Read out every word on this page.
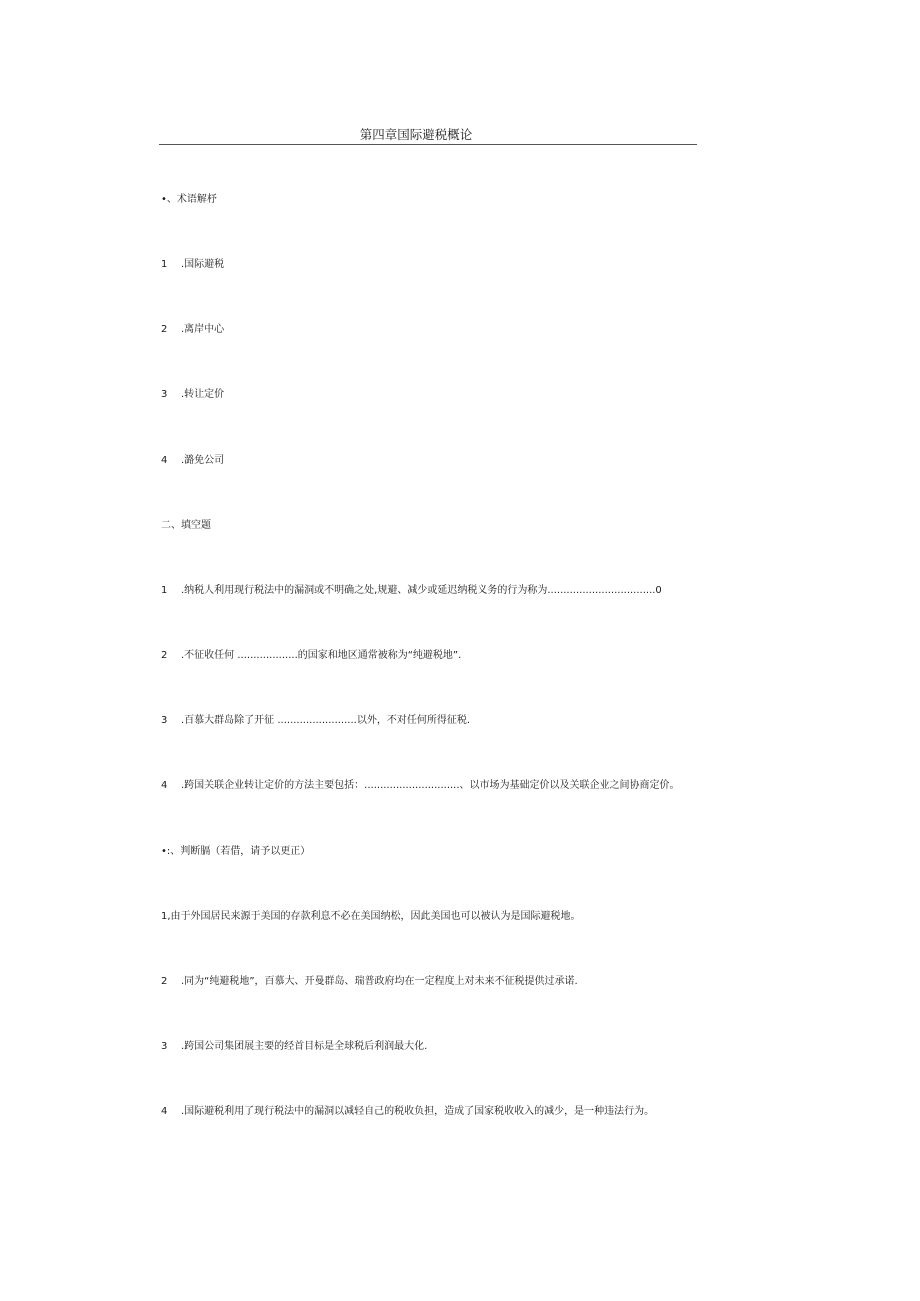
第四章国际避税概论
•、术语解杼
1 .国际避税
2 .离岸中心
3 .转让定价
4 .潞免公司
二、填空题
1 .纳税人利用现行税法中的漏洞或不明确之处,规避、减少或延迟纳税义务的行为称为..................................0
2 .不征收任何 ...................的国家和地区通常被称为“纯避税地”.
3 .百慕大群岛除了开征 .........................以外，不对任何所得征税.
4 .跨国关联企业转让定价的方法主要包括：..............................、以市场为基础定价以及关联企业之间协商定价。
•:、判断膈（若借，请予以更正）
1,由于外国居民来源于美国的存款利息不必在美国纳松，因此美国也可以被认为是国际避税地。
2 .同为“纯避税地”，百慕大、开曼群岛、瑞普政府均在一定程度上对未来不征税提供过承诺.
3 .跨国公司集团展主要的经首目标是全球税后利润最大化.
4 .国际避税利用了现行税法中的漏洞以减轻自己的税收负担，造成了国家税收收入的减少，是一种违法行为。
